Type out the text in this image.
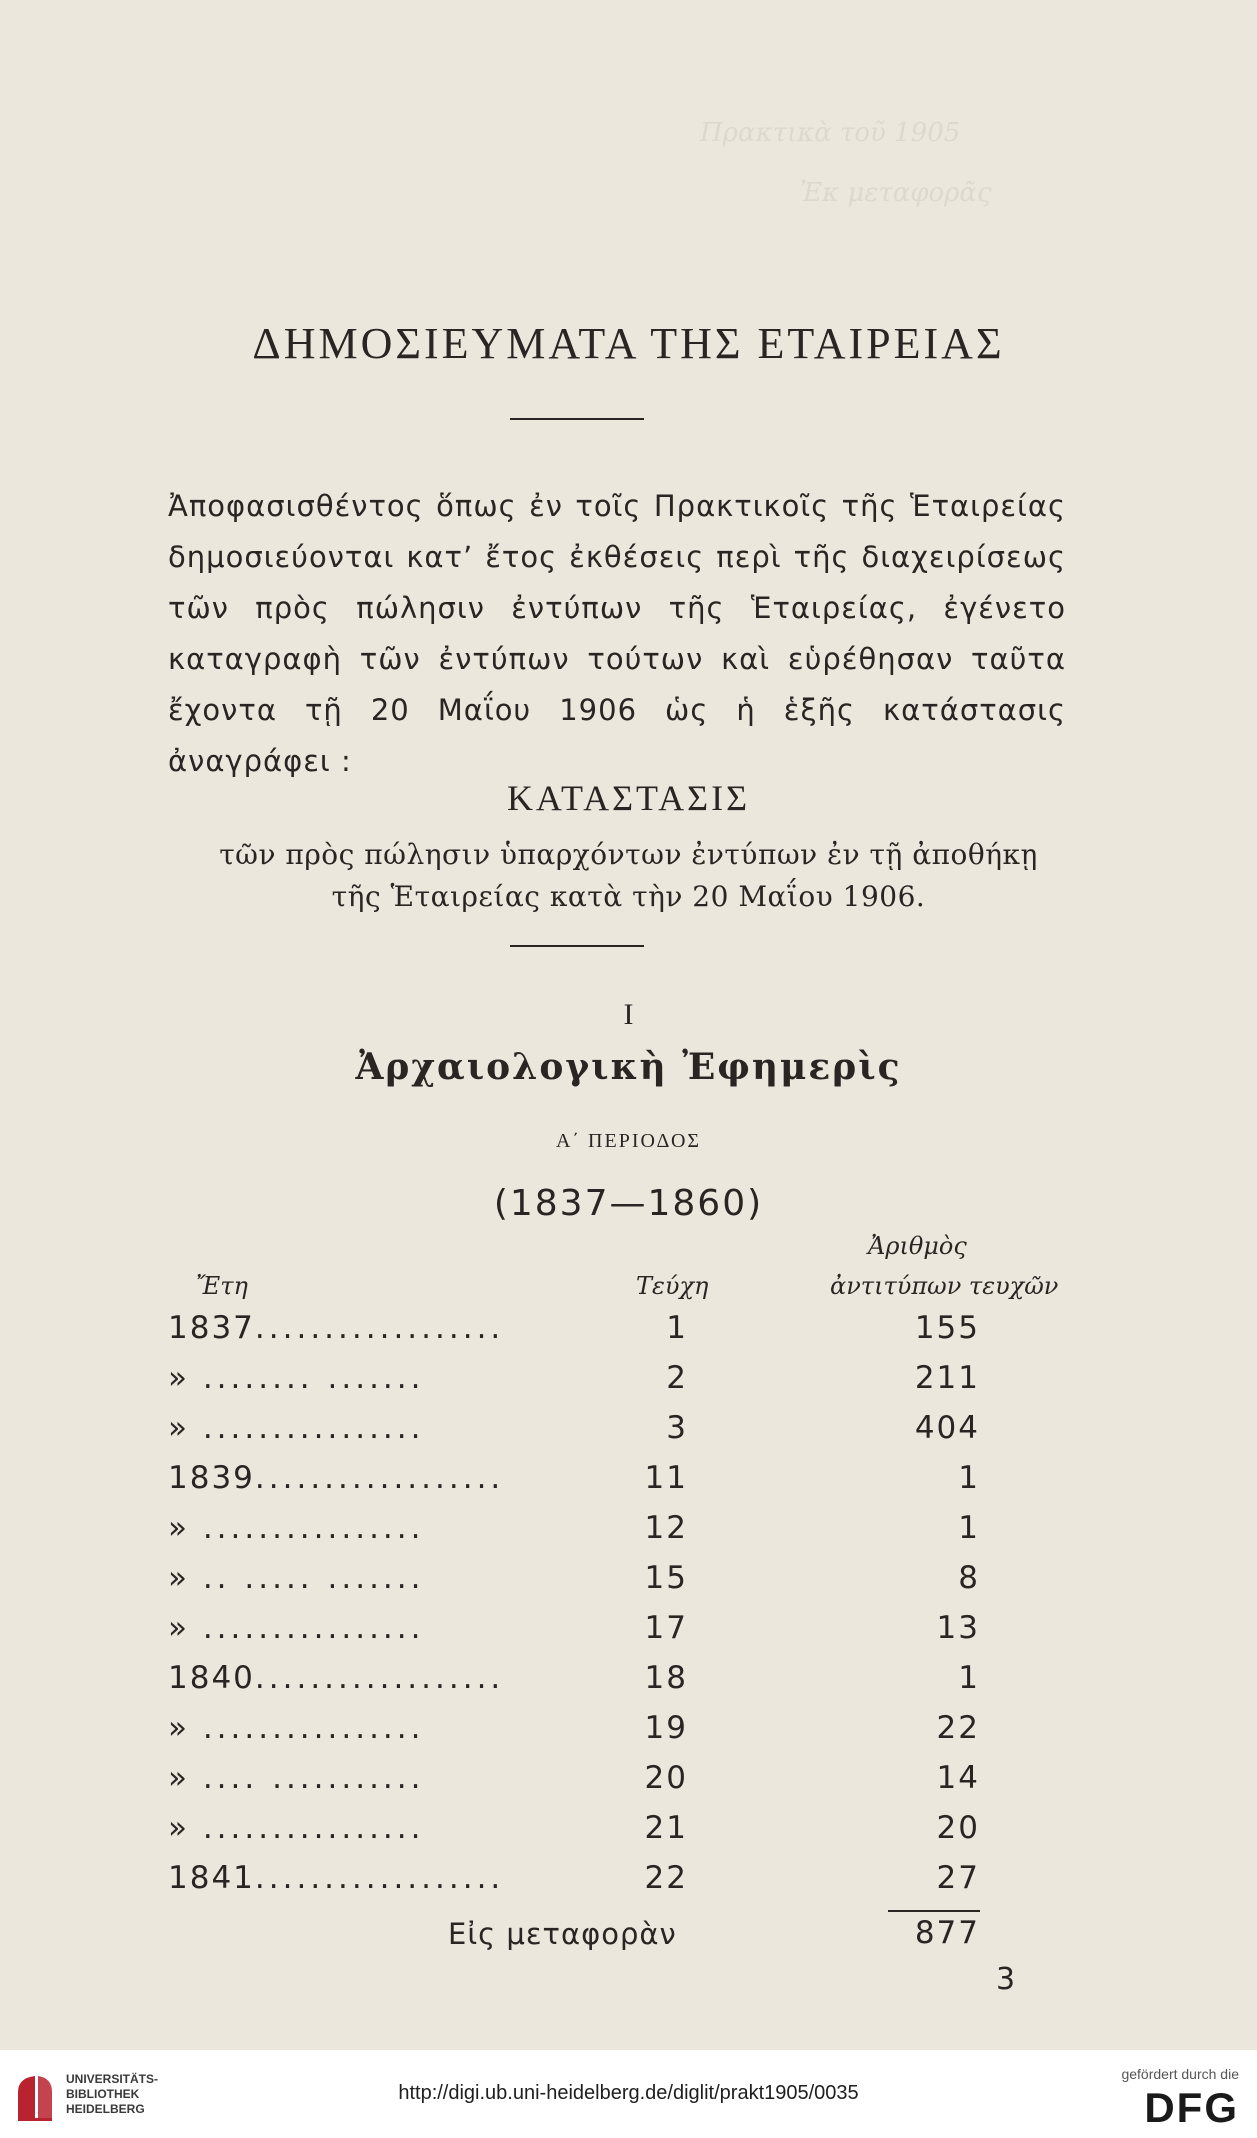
Πρακτικὰ τοῦ 1905
Ἐκ μεταφορᾶς
ΔΗΜΟΣΙΕΥΜΑΤΑ ΤΗΣ ΕΤΑΙΡΕΙΑΣ
Ἀποφασισθέντος ὅπως ἐν τοῖς Πρακτικοῖς τῆς Ἑταιρείας δημοσιεύονται κατ’ ἔτος ἐκθέσεις περὶ τῆς διαχειρίσεως τῶν πρὸς πώλησιν ἐντύπων τῆς Ἑταιρείας, ἐγένετο καταγραφὴ τῶν ἐντύπων τούτων καὶ εὑρέθησαν ταῦτα ἔχοντα τῇ 20 Μαΐου 1906 ὡς ἡ ἑξῆς κατάστασις ἀναγράφει :
ΚΑΤΑΣΤΑΣΙΣ
τῶν πρὸς πώλησιν ὑπαρχόντων ἐντύπων ἐν τῇ ἀποθήκῃ
τῆς Ἑταιρείας κατὰ τὴν 20 Μαΐου 1906.
I
Ἀρχαιολογικὴ Ἐφημερὶς
Α΄ ΠΕΡΙΟΔΟΣ
(1837—1860)
Ἀριθμὸς
Ἔτη	Τεύχη	ἀντιτύπων τευχῶν
1837..................	1	155
» ........ .......	2	211
» ................	3	404
1839..................	11	1
» ................	12	1
» .. ..... .......	15	8
» ................	17	13
1840..................	18	1
» ................	19	22
» .... ...........	20	14
» ................	21	20
1841..................	22	27
Εἰς μεταφορὰν	877
3
UNIVERSITÄTS-
BIBLIOTHEK
HEIDELBERG
http://digi.ub.uni-heidelberg.de/diglit/prakt1905/0035
gefördert durch die
DFG
